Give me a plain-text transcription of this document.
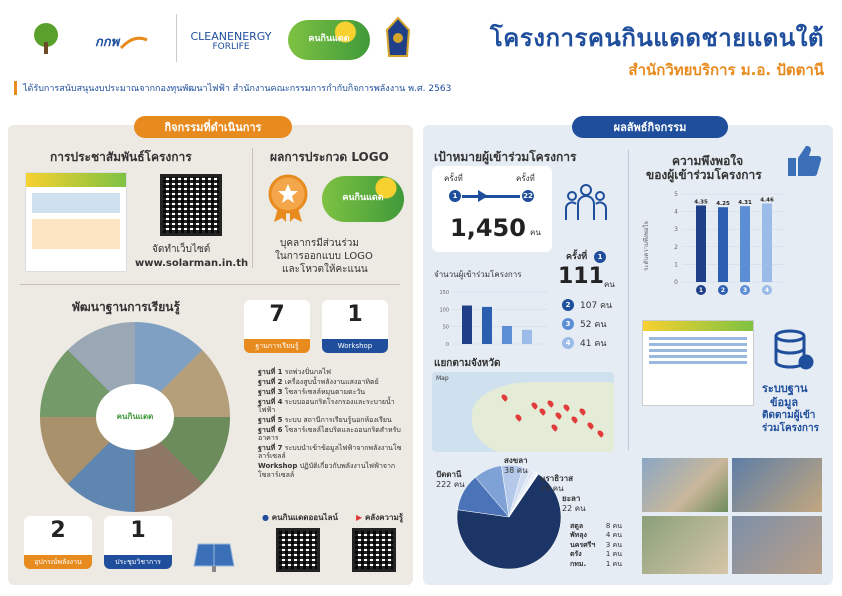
กกพ	CLEANENERGY
FORLIFE
คนกินแดด	โครงการคนกินแดดชายแดนใต้
สำนักวิทยบริการ ม.อ. ปัตตานี
ได้รับการสนับสนุนงบประมาณจากกองทุนพัฒนาไฟฟ้า สำนักงานคณะกรรมการกำกับกิจการพลังงาน พ.ศ. 2563
กิจกรรมที่ดำเนินการ
การประชาสัมพันธ์โครงการ
จัดทำเว็บไซต์
www.solarman.in.th
ผลการประกวด LOGO
คนกินแดด
บุคลากรมีส่วนร่วม
ในการออกแบบ LOGO
และโหวตให้คะแนน
พัฒนาฐานการเรียนรู้	7
ฐานการเรียนรู้
1
Workshop
คนกินแดด
ฐานที่ 1 รถพ่วงปั่นกลไฟ
ฐานที่ 2 เครื่องสูบน้ำพลังงานแสงอาทิตย์
ฐานที่ 3 โซลาร์เซลล์หมุนตามตะวัน
ฐานที่ 4 ระบบออนกริดโรงกรองและระบายน้ำไฟฟ้า
ฐานที่ 5 ระบบ สถานีการเรียนรู้นอกห้องเรียน
ฐานที่ 6 โซลาร์เซลล์ไฮบริดและออนกริดสำหรับอาคาร
ฐานที่ 7 ระบบนำเข้าข้อมูลไฟฟ้าจากพลังงานโซลาร์เซลล์
Workshop ปฏิบัติเกี่ยวกับพลังงานไฟฟ้าจากโซลาร์เซลล์
2
อุปกรณ์พลังงาน
1
ประชุมวิชาการ
● คนกินแดดออนไลน์ ▶ คลังความรู้
ผลลัพธ์กิจกรรม
เป้าหมายผู้เข้าร่วมโครงการ
ครั้งที่	ครั้งที่
1	22
1,450 คน
จำนวนผู้เข้าร่วมโครงการ
0
50
100
150
ครั้งที่	1
111 คน
2	107 คน
3	52 คน
4	41 คน
ความพึงพอใจ
ของผู้เข้าร่วมโครงการ
ระดับความพึงพอใจ
0
1
2
3
4
5
4.35
1
4.25
2
4.31
3
4.46
4
ระบบฐาน
ข้อมูล
ติดตามผู้เข้า
ร่วมโครงการ
แยกตามจังหวัด
Map
ปัตตานี
222 คน
สงขลา
38 คน
นราธิวาส
29 คน
ยะลา
22 คน
สตูล	8 คน
พัทลุง	4 คน
นครศรีฯ 3 คน
ตรัง	1 คน
กทม.	1 คน
